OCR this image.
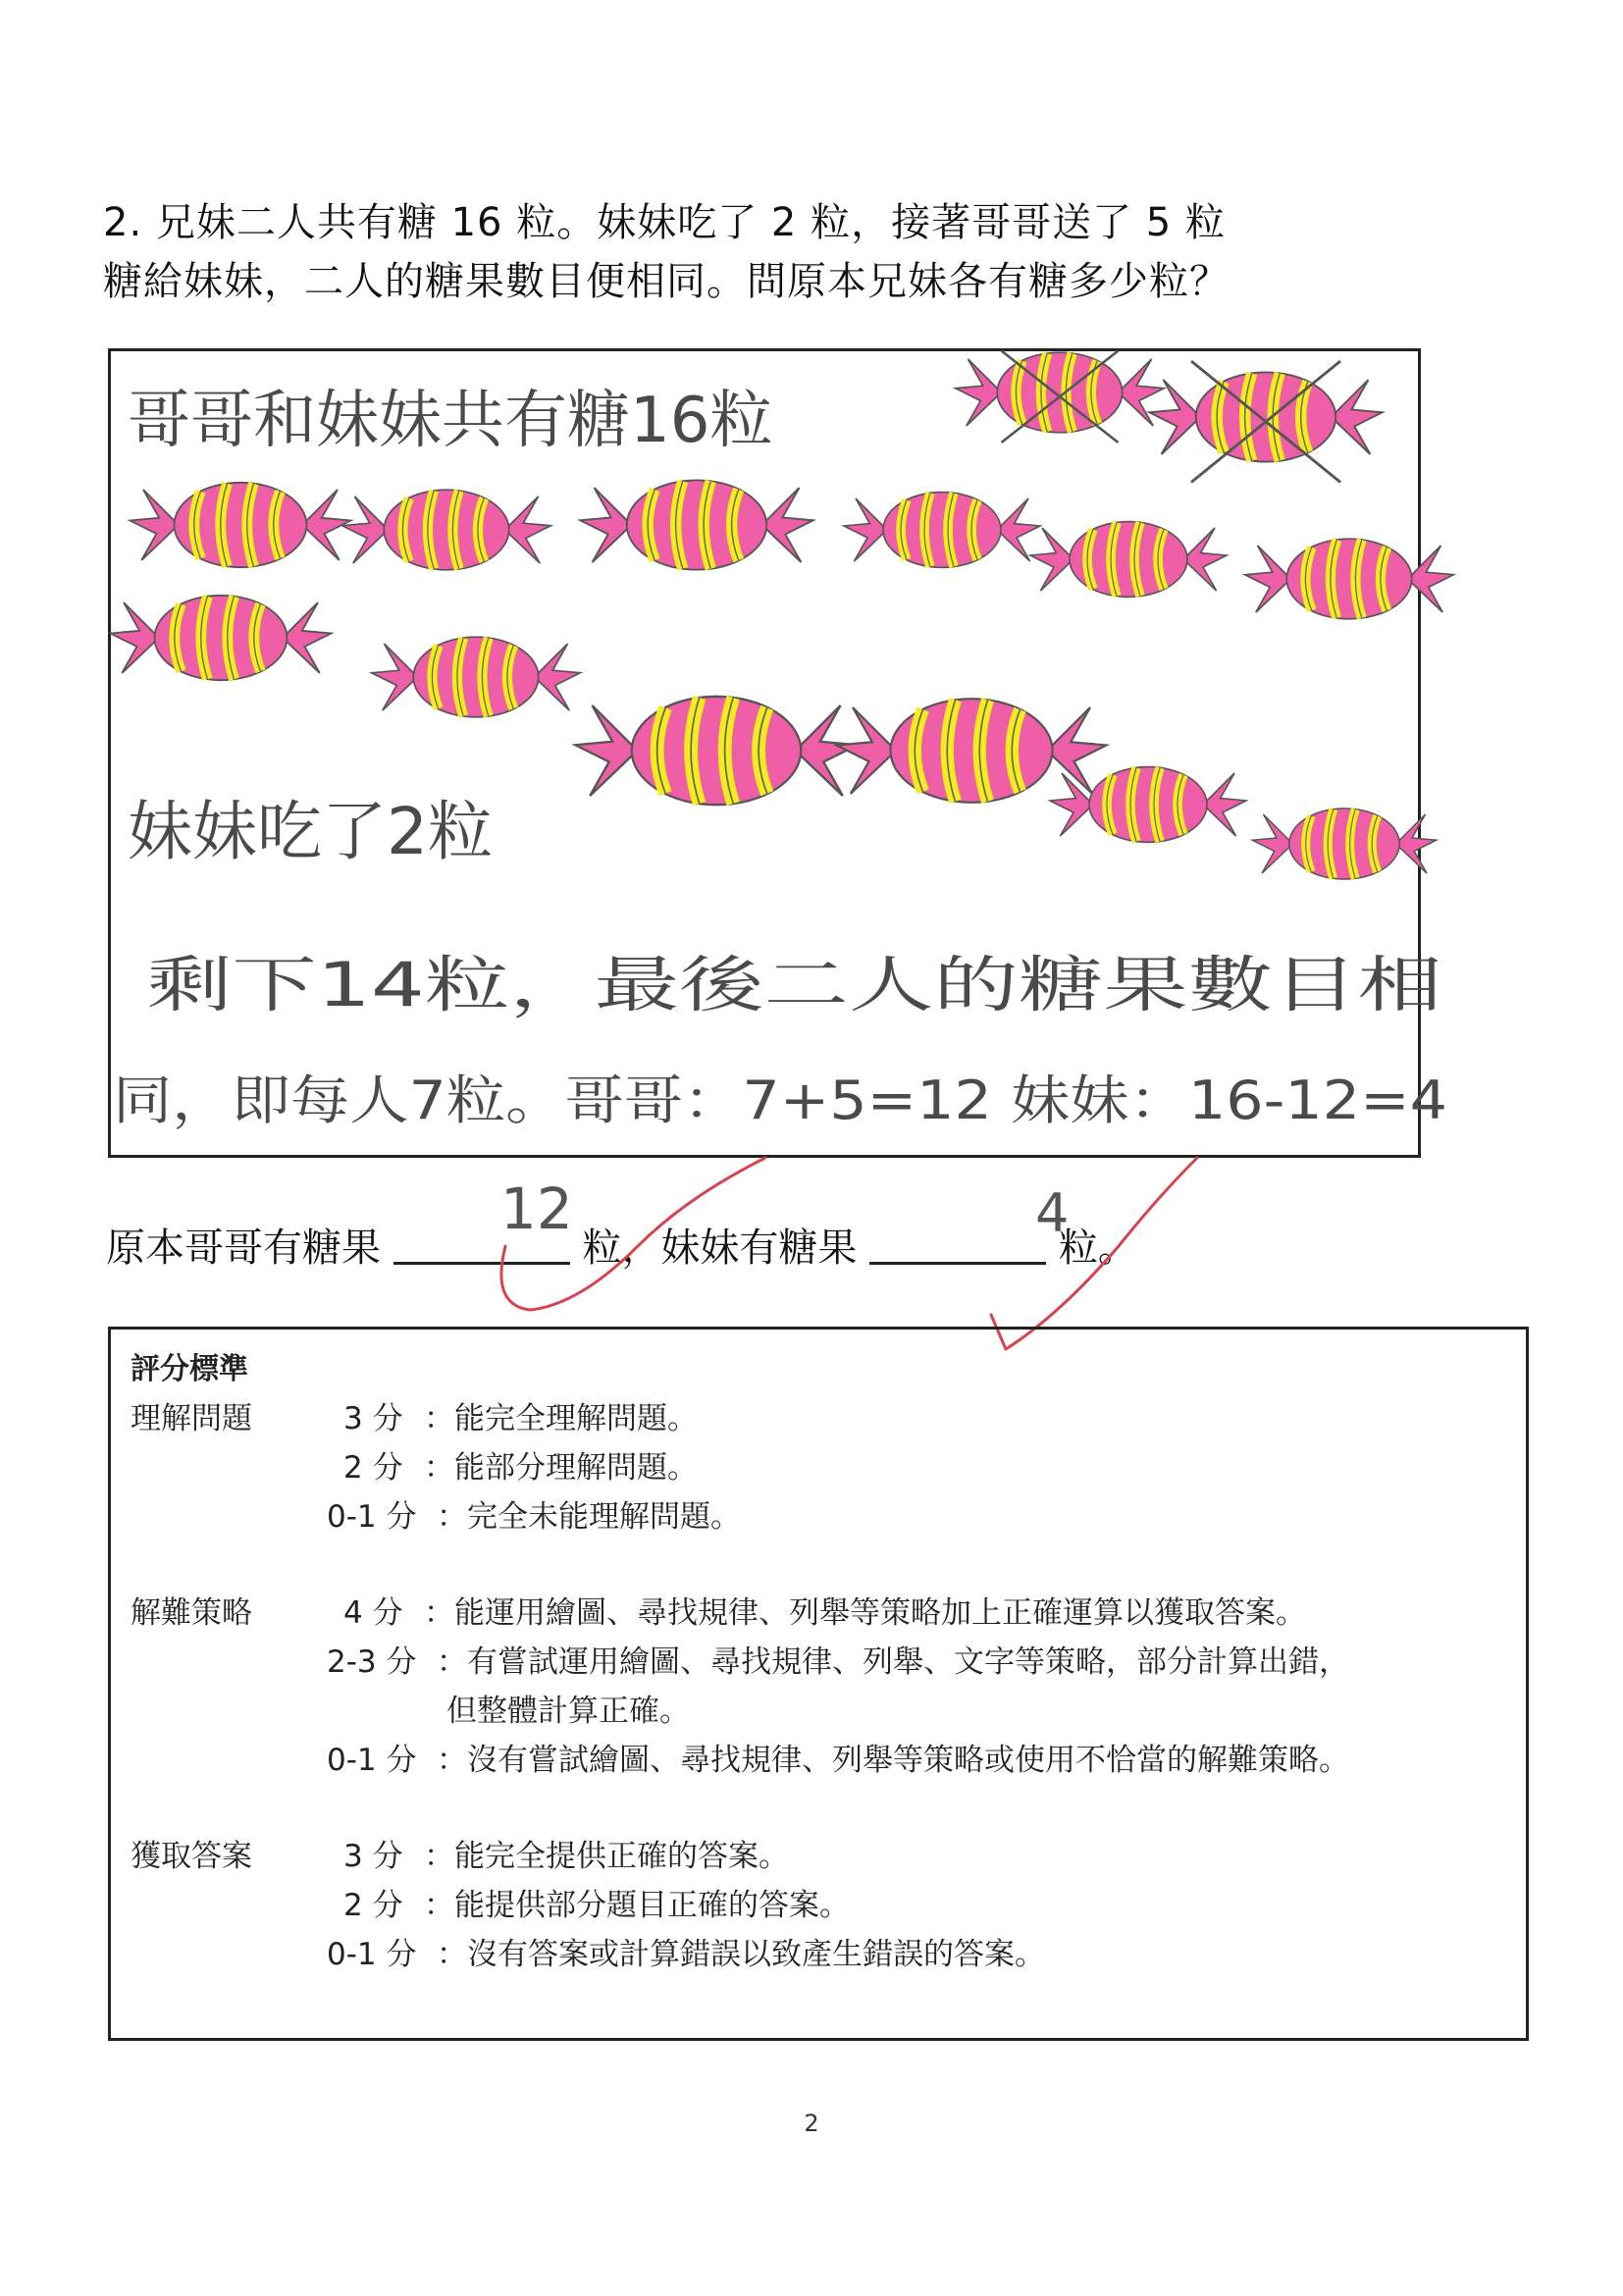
2. 兄妹二人共有糖 16 粒。妹妹吃了 2 粒，接著哥哥送了 5 粒
糖給妹妹，二人的糖果數目便相同。問原本兄妹各有糖多少粒？
哥哥和妹妹共有糖16粒
妹妹吃了2粒
剩下14粒，最後二人的糖果數目相
同，即每人7粒。哥哥：7+5=12 妹妹：16-12=4
原本哥哥有糖果	粒，妹妹有糖果	粒。
12	4
評分標準
理解問題	3 分 ：能完全理解問題。
2 分 ：能部分理解問題。
0-1 分 ：完全未能理解問題。
解難策略	4 分 ：能運用繪圖、尋找規律、列舉等策略加上正確運算以獲取答案。
2-3 分 ：有嘗試運用繪圖、尋找規律、列舉、文字等策略，部分計算出錯，
但整體計算正確。
0-1 分 ：沒有嘗試繪圖、尋找規律、列舉等策略或使用不恰當的解難策略。
獲取答案	3 分 ：能完全提供正確的答案。
2 分 ：能提供部分題目正確的答案。
0-1 分 ：沒有答案或計算錯誤以致產生錯誤的答案。
2
